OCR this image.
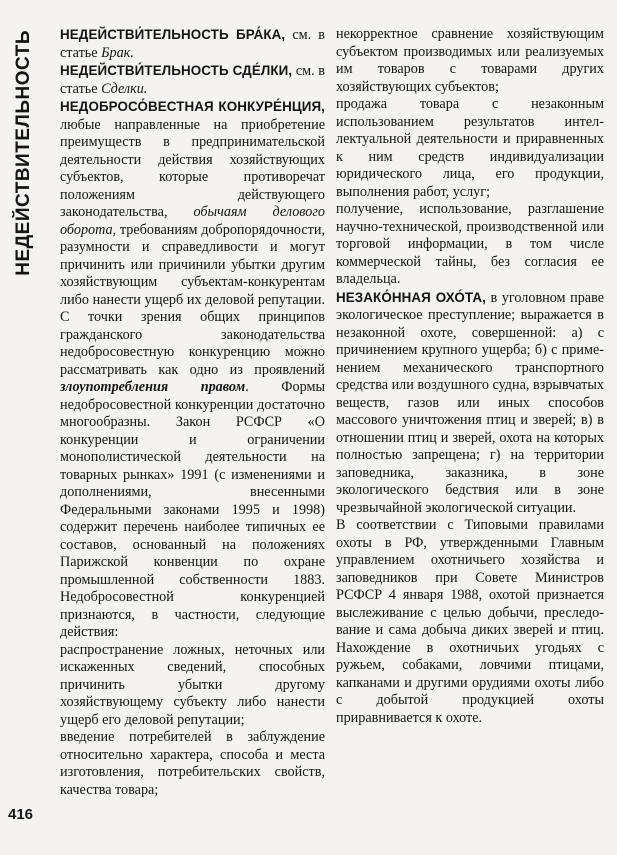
НЕДЕЙСТВИТЕЛЬНОСТЬ
416

НЕДЕЙСТВИ́ТЕЛЬНОСТЬ БРА́КА, см. в статье Брак.

НЕДЕЙСТВИ́ТЕЛЬНОСТЬ СДЕ́ЛКИ, см. в статье Сделки.

НЕДОБРОСО́ВЕСТНАЯ КОНКУРЕ́НЦИЯ, любые направленные на приобретение преимуществ в предпринимательской деятельности действия хозяйствующих субъектов, которые противоречат положениям действующего законодательства, обычаям делового оборота, требованиям добропорядочности, разумности и справедливости и могут причинить или причинили убытки другим хозяйствующим субъектам-конкурентам либо нанести ущерб их деловой репутации. С точки зрения общих принципов гражданского законодательства недобросовестную конкуренцию можно рассматривать как одно из проявлений злоупотребления правом. Формы недобросовестной конкуренции достаточно многообразны. Закон РСФСР «О конкуренции и ограничении монополистической деятельности на товарных рынках» 1991 (с изменениями и дополнениями, внесенными Федеральными законами 1995 и 1998) содержит перечень наиболее типичных ее составов, основанный на положениях Парижской конвенции по охране промышленной собственности 1883. Недобросовестной конкуренцией признаются, в частности, следующие действия:

распространение ложных, неточных или искаженных сведений, способных причинить убытки другому хозяйствующему субъекту либо нанести ущерб его деловой репутации;

введение потребителей в заблуждение относительно характера, способа и места изготовления, потребительских свойств, качества товара;

некорректное сравнение хозяйствующим субъектом производимых или реализуемых им товаров с товарами других хозяйствующих субъектов;

продажа товара с незаконным использованием результатов интеллектуальной деятельности и приравненных к ним средств индивидуализации юридического лица, его продукции, выполнения работ, услуг;

получение, использование, разглашение научно-технической, производственной или торговой информации, в том числе коммерческой тайны, без согласия ее владельца.

НЕЗАКО́ННАЯ ОХО́ТА, в уголовном праве экологическое преступление; выражается в незаконной охоте, совершенной: а) с причинением крупного ущерба; б) с применением механического транспортного средства или воздушного судна, взрывчатых веществ, газов или иных способов массового уничтожения птиц и зверей; в) в отношении птиц и зверей, охота на которых полностью запрещена; г) на территории заповедника, заказника, в зоне экологического бедствия или в зоне чрезвычайной экологической ситуации.

В соответствии с Типовыми правилами охоты в РФ, утвержденными Главным управлением охотничьего хозяйства и заповедников при Совете Министров РСФСР 4 января 1988, охотой признается выслеживание с целью добычи, преследование и сама добыча диких зверей и птиц. Нахождение в охотничьих угодьях с ружьем, собаками, ловчими птицами, капканами и другими орудиями охоты либо с добытой продукцией охоты приравнивается к охоте.
